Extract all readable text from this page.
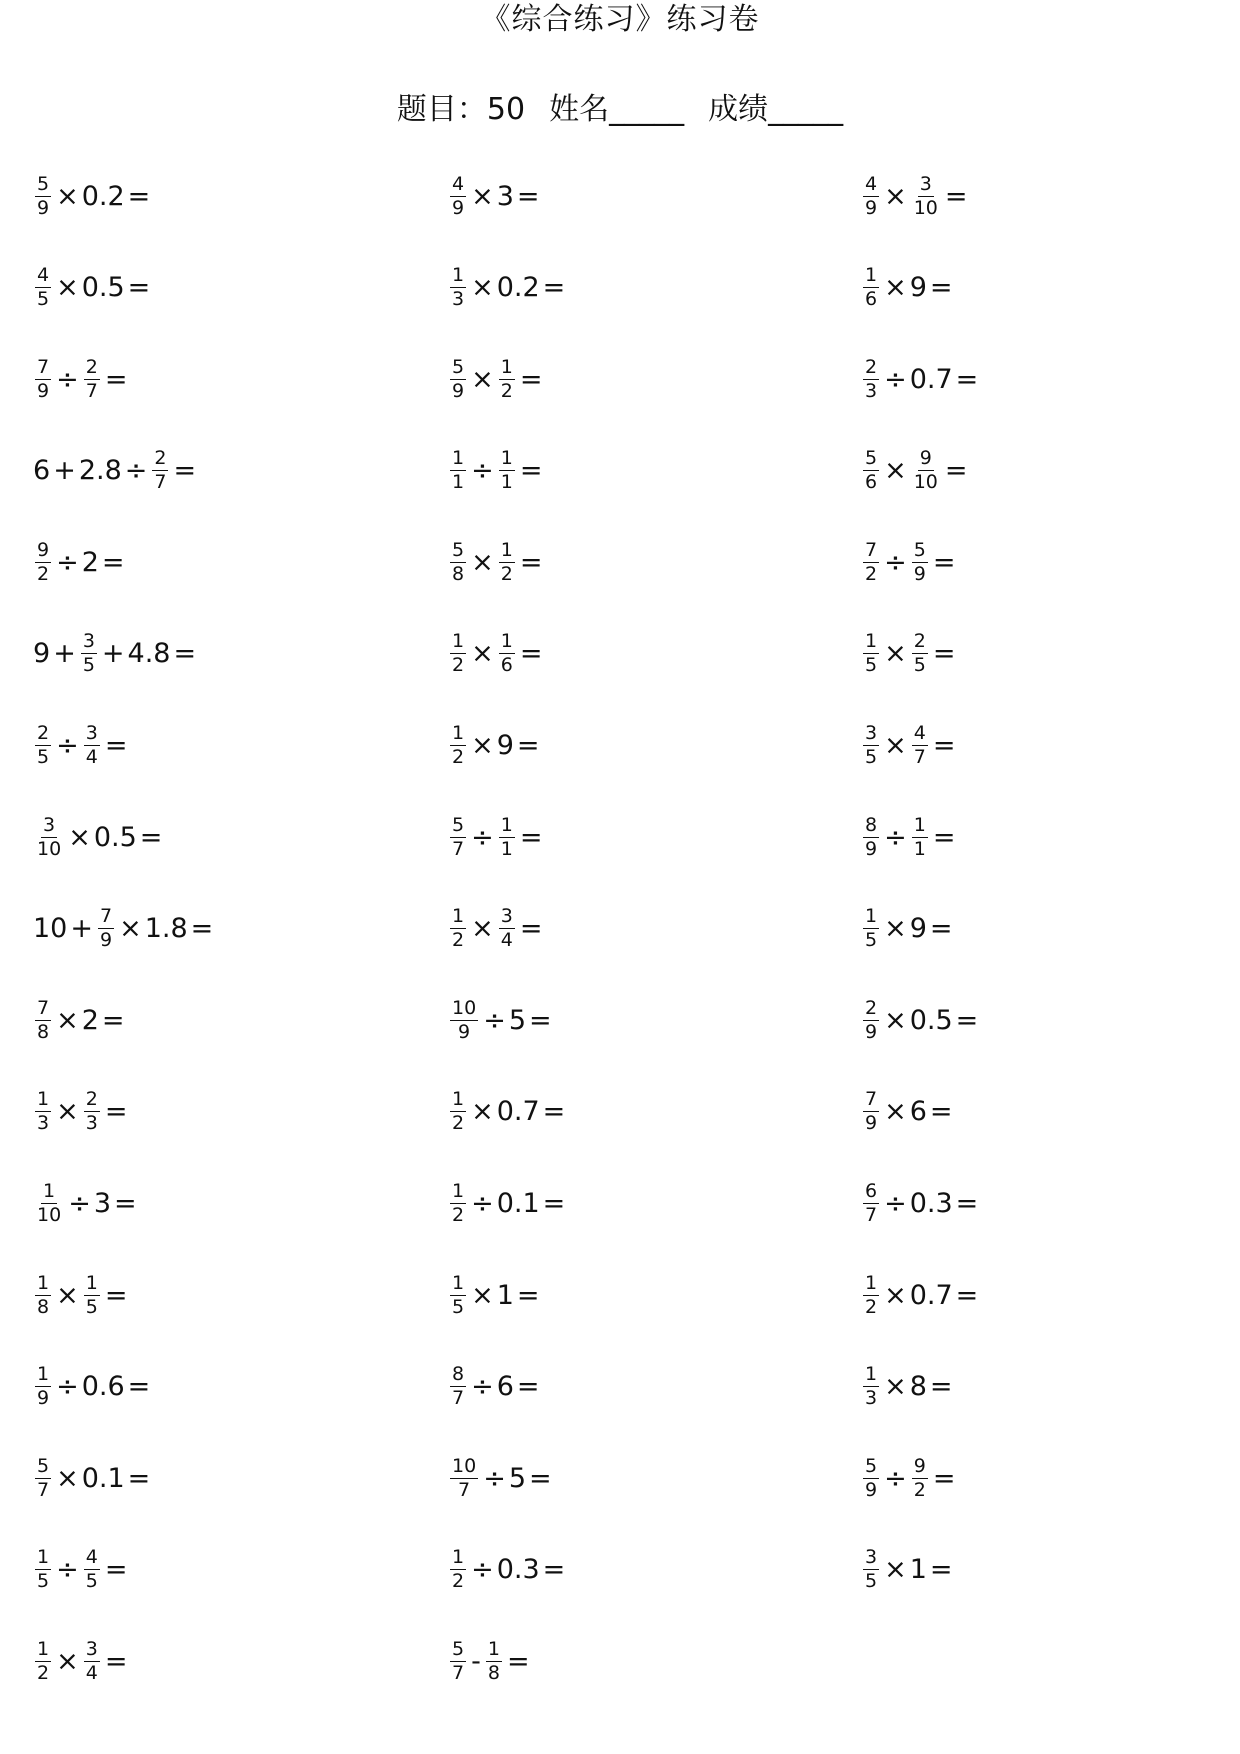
《综合练习》练习卷
题目：50 姓名_____ 成绩_____
$\frac{5}{9} \times 0.2$ =	$\frac{4}{9} \times 3$ =	$\frac{4}{9} \times \frac{3}{10}$ =
$\frac{4}{5} \times 0.5$ =	$\frac{1}{3} \times 0.2$ =	$\frac{1}{6} \times 9$ =
$\frac{7}{9} \div \frac{2}{7}$ =	$\frac{5}{9} \times \frac{1}{2}$ =	$\frac{2}{3} \div 0.7$ =
$6 + 2.8 \div \frac{2}{7}$ =	$\frac{1}{1} \div \frac{1}{1}$ =	$\frac{5}{6} \times \frac{9}{10}$ =
$\frac{9}{2} \div 2$ =	$\frac{5}{8} \times \frac{1}{2}$ =	$\frac{7}{2} \div \frac{5}{9}$ =
$9 + \frac{3}{5} + 4.8$ =	$\frac{1}{2} \times \frac{1}{6}$ =	$\frac{1}{5} \times \frac{2}{5}$ =
$\frac{2}{5} \div \frac{3}{4}$ =	$\frac{1}{2} \times 9$ =	$\frac{3}{5} \times \frac{4}{7}$ =
$\frac{3}{10} \times 0.5$ =	$\frac{5}{7} \div \frac{1}{1}$ =	$\frac{8}{9} \div \frac{1}{1}$ =
$10 + \frac{7}{9} \times 1.8$ =	$\frac{1}{2} \times \frac{3}{4}$ =	$\frac{1}{5} \times 9$ =
$\frac{7}{8} \times 2$ =	$\frac{10}{9} \div 5$ =	$\frac{2}{9} \times 0.5$ =
$\frac{1}{3} \times \frac{2}{3}$ =	$\frac{1}{2} \times 0.7$ =	$\frac{7}{9} \times 6$ =
$\frac{1}{10} \div 3$ =	$\frac{1}{2} \div 0.1$ =	$\frac{6}{7} \div 0.3$ =
$\frac{1}{8} \times \frac{1}{5}$ =	$\frac{1}{5} \times 1$ =	$\frac{1}{2} \times 0.7$ =
$\frac{1}{9} \div 0.6$ =	$\frac{8}{7} \div 6$ =	$\frac{1}{3} \times 8$ =
$\frac{5}{7} \times 0.1$ =	$\frac{10}{7} \div 5$ =	$\frac{5}{9} \div \frac{9}{2}$ =
$\frac{1}{5} \div \frac{4}{5}$ =	$\frac{1}{2} \div 0.3$ =	$\frac{3}{5} \times 1$ =
$\frac{1}{2} \times \frac{3}{4}$ =	$\frac{5}{7} - \frac{1}{8}$ =
